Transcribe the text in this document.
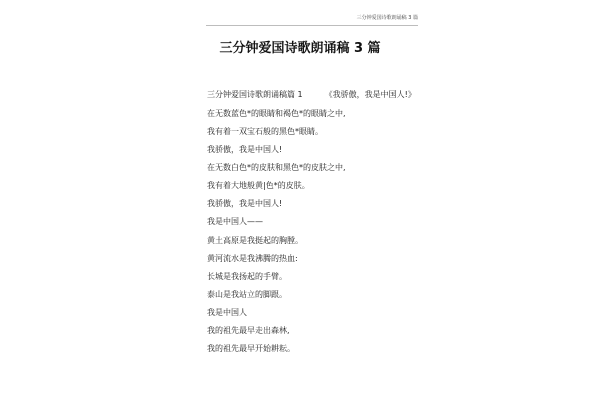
三分钟爱国诗歌朗诵稿 3 篇
三分钟爱国诗歌朗诵稿 3 篇
三分钟爱国诗歌朗诵稿篇 1	《我骄傲，我是中国人!》
在无数蓝色*的眼睛和褐色*的眼睛之中,
我有着一双宝石般的黑色*眼睛。
我骄傲，我是中国人!
在无数白色*的皮肤和黑色*的皮肤之中,
我有着大地般黄|色*的皮肤。
我骄傲，我是中国人!
我是中国人——
黄土高原是我挺起的胸膛。
黄河流水是我沸腾的热血:
长城是我扬起的手臂。
泰山是我站立的脚跟。
我是中国人
我的祖先最早走出森林,
我的祖先最早开始耕耘。
